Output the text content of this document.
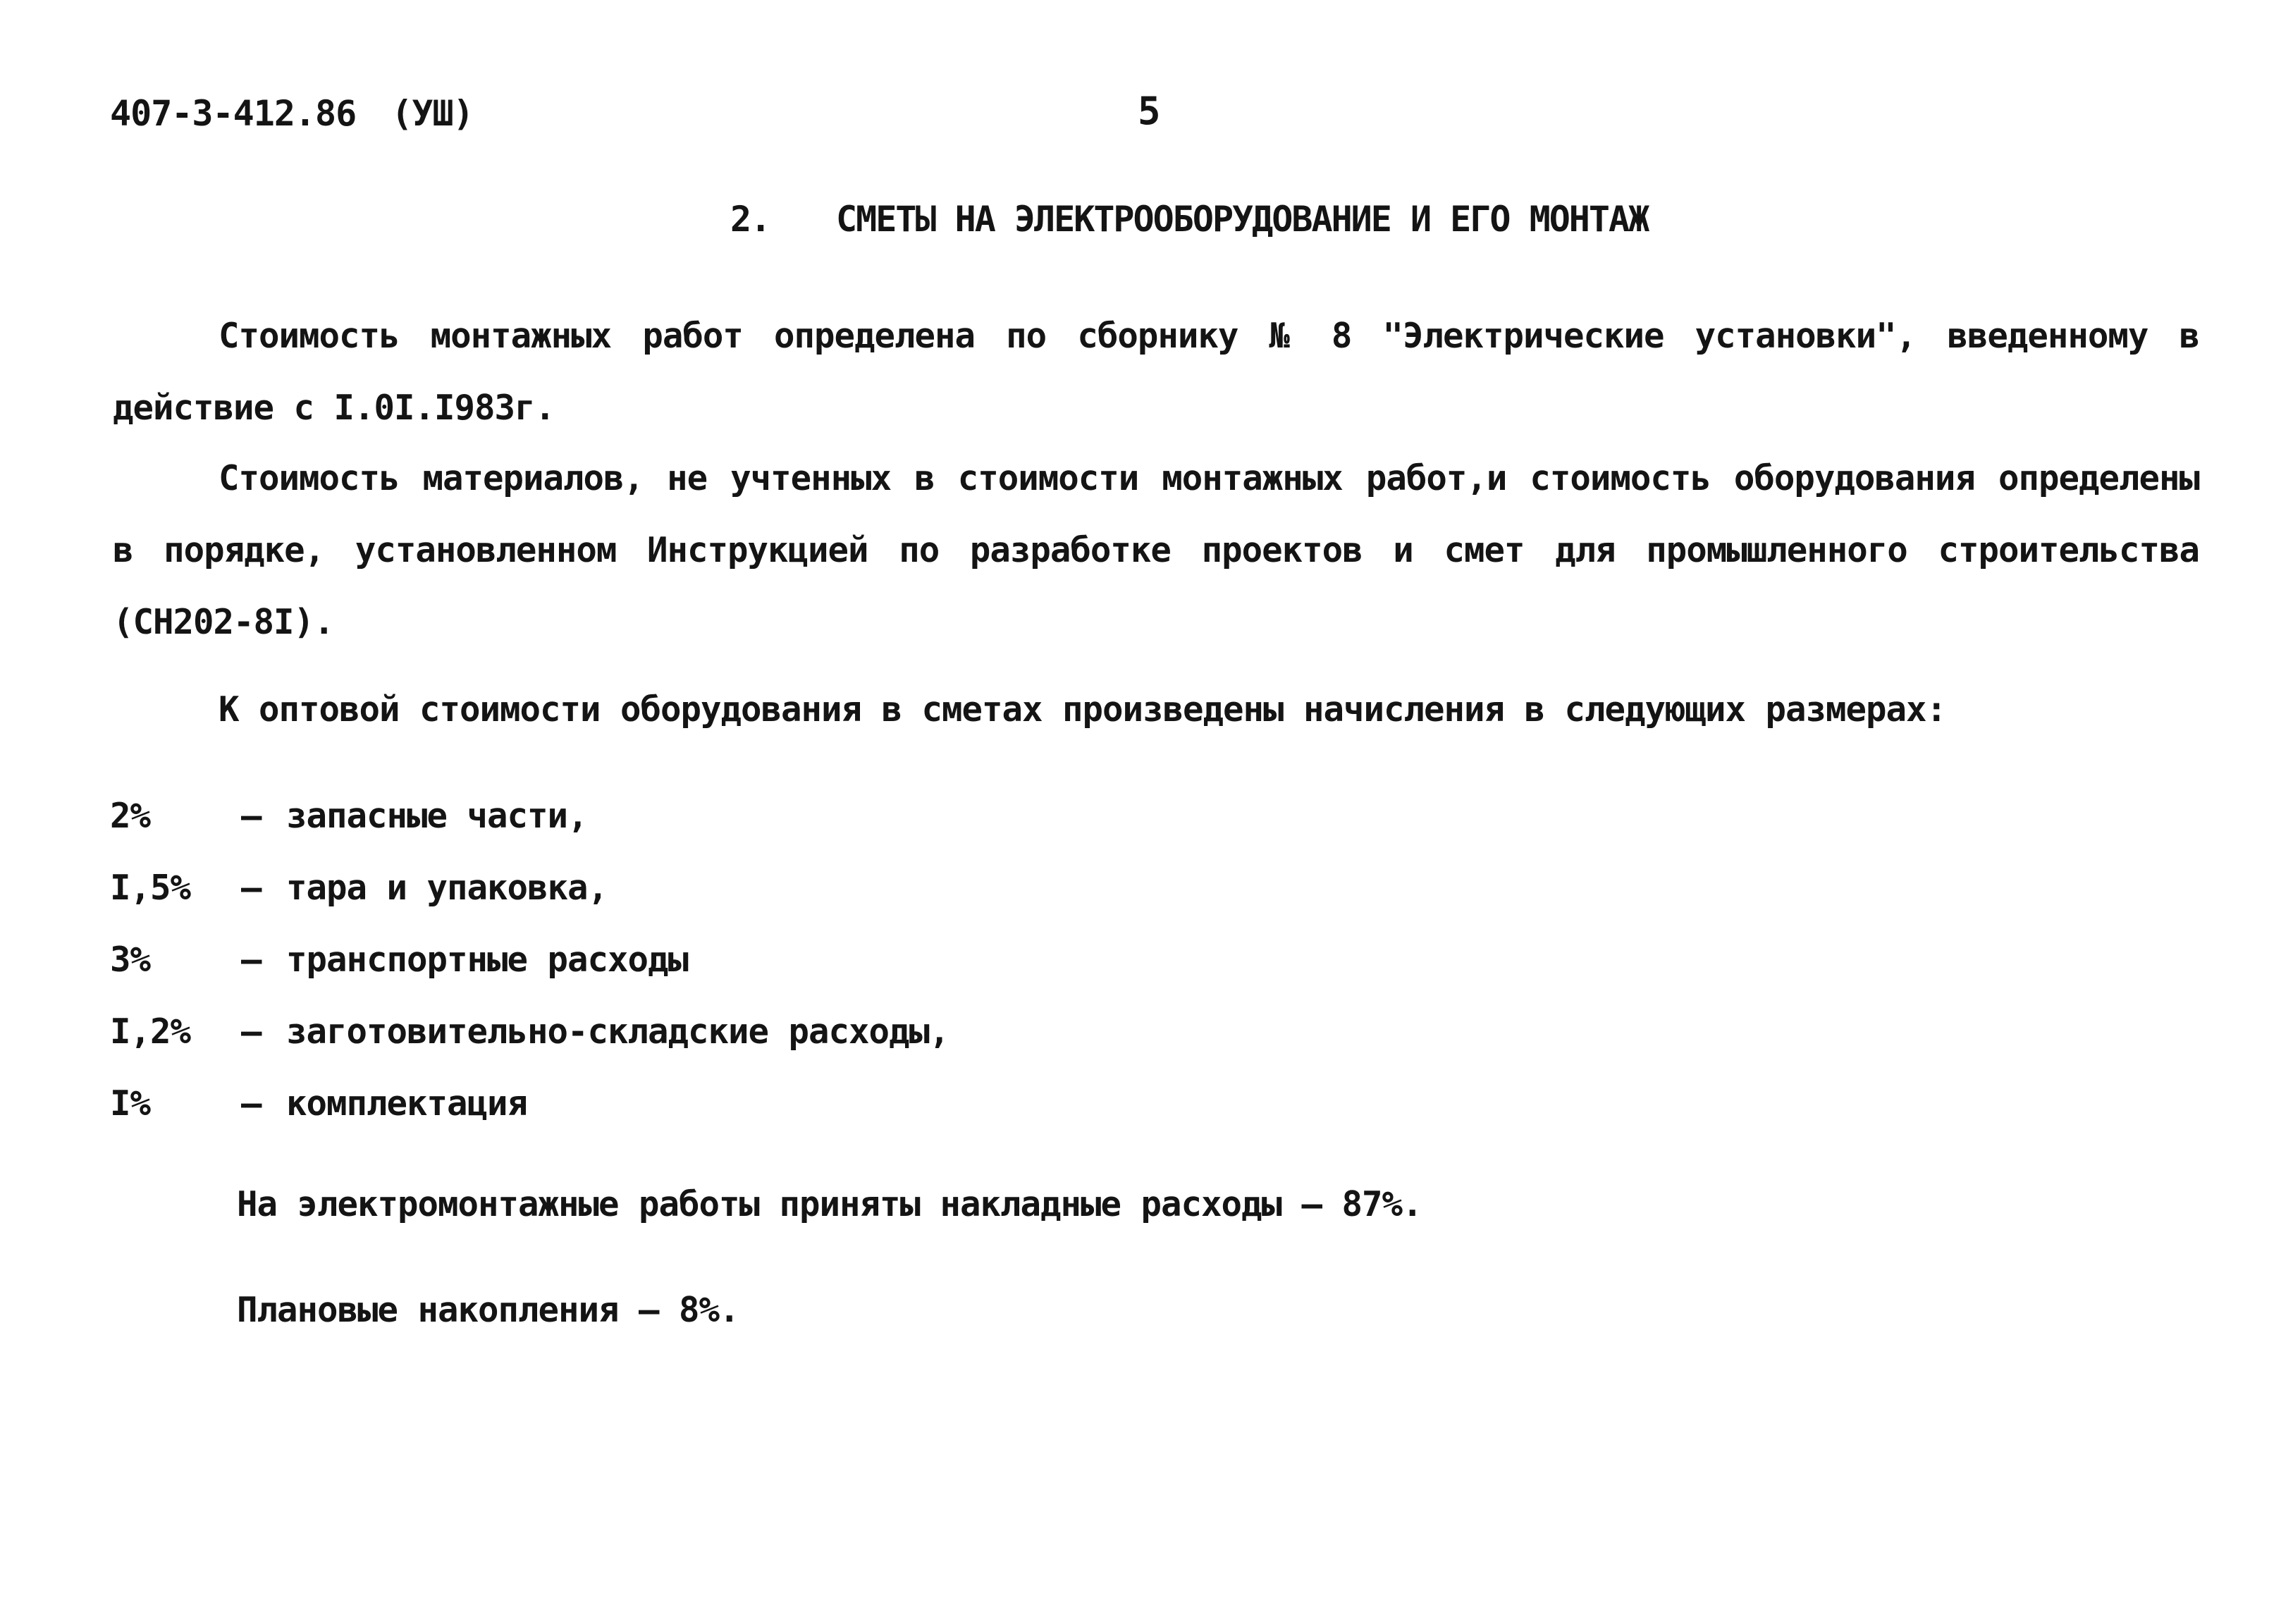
407-3-412.86 (УШ)	5
2. СМЕТЫ НА ЭЛЕКТРООБОРУДОВАНИЕ И ЕГО МОНТАЖ

Стоимость монтажных работ определена по сборнику № 8 "Электрические установки", введенному в действие с I.0I.I983г.

Стоимость материалов, не учтенных в стоимости монтажных работ,и стоимость оборудования определены в порядке, установленном Инструкцией по разработке проектов и смет для промышленного строительства (СН202-8I).

К оптовой стоимости оборудования в сметах произведены начисления в следующих размерах:

2%	– запасные части,
I,5%	– тара и упаковка,
3%	– транспортные расходы
I,2%	– заготовительно-складские расходы,
I%	– комплектация
На электромонтажные работы приняты накладные расходы – 87%.
Плановые накопления – 8%.
